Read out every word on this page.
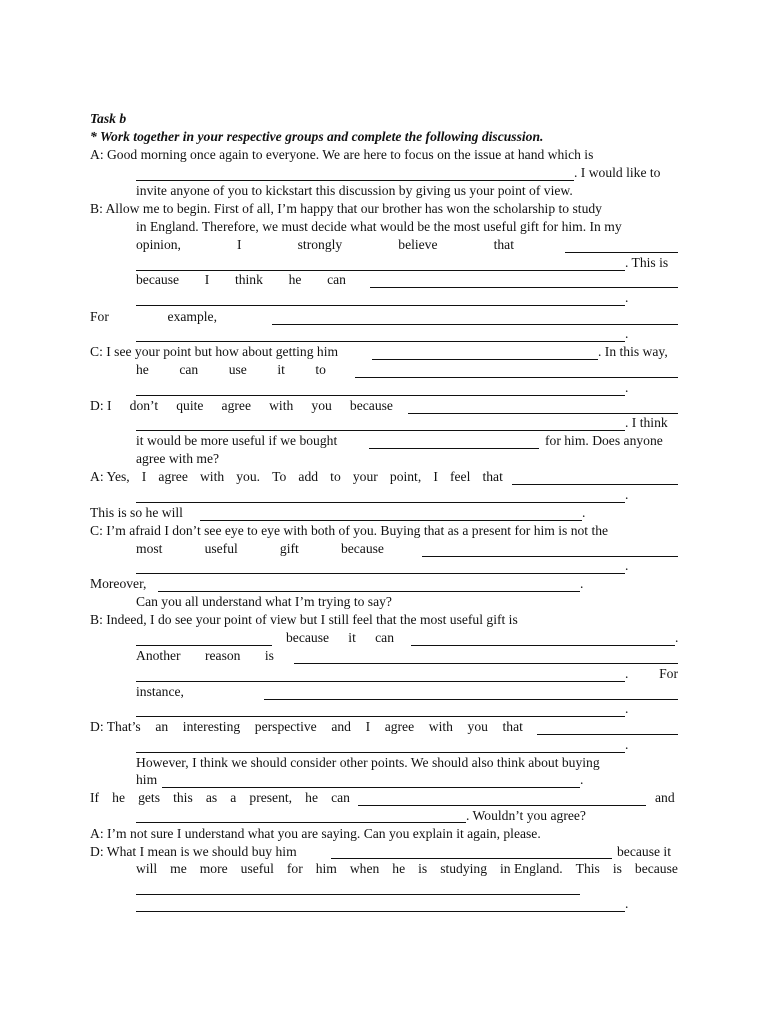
Task b
* Work together in your respective groups and complete the following discussion.
A: Good morning once again to everyone. We are here to focus on the issue at hand which is
. I would like to
invite anyone of you to kickstart this discussion by giving us your point of view.
B: Allow me to begin. First of all, I’m happy that our brother has won the scholarship to study
in England. Therefore, we must decide what would be the most useful gift for him. In my
opinion,	I	strongly	believe	that
. This is
because I think he can
.
For	example,
.
C: I see your point but how about getting him	. In this way,
he can use it to
.
D: I don’t quite agree with you because
. I think
it would be more useful if we bought	for him. Does anyone
agree with me?
A: Yes, I agree with you. To add to your point, I feel that
.
This is so he will	.
C: I’m afraid I don’t see eye to eye with both of you. Buying that as a present for him is not the
most	useful	gift	because
.
Moreover,	.
Can you all understand what I’m trying to say?
B: Indeed, I do see your point of view but I still feel that the most useful gift is
because it can	.
Another reason is
. For
instance,
.
D: That’s an interesting perspective and I agree with you that
.
However, I think we should consider other points. We should also think about buying
him	.
If he gets this as a present, he can	and
. Wouldn’t you agree?
A: I’m not sure I understand what you are saying. Can you explain it again, please.
D: What I mean is we should buy him	because it
will me more useful for him when he is studying in England. This is because
.
